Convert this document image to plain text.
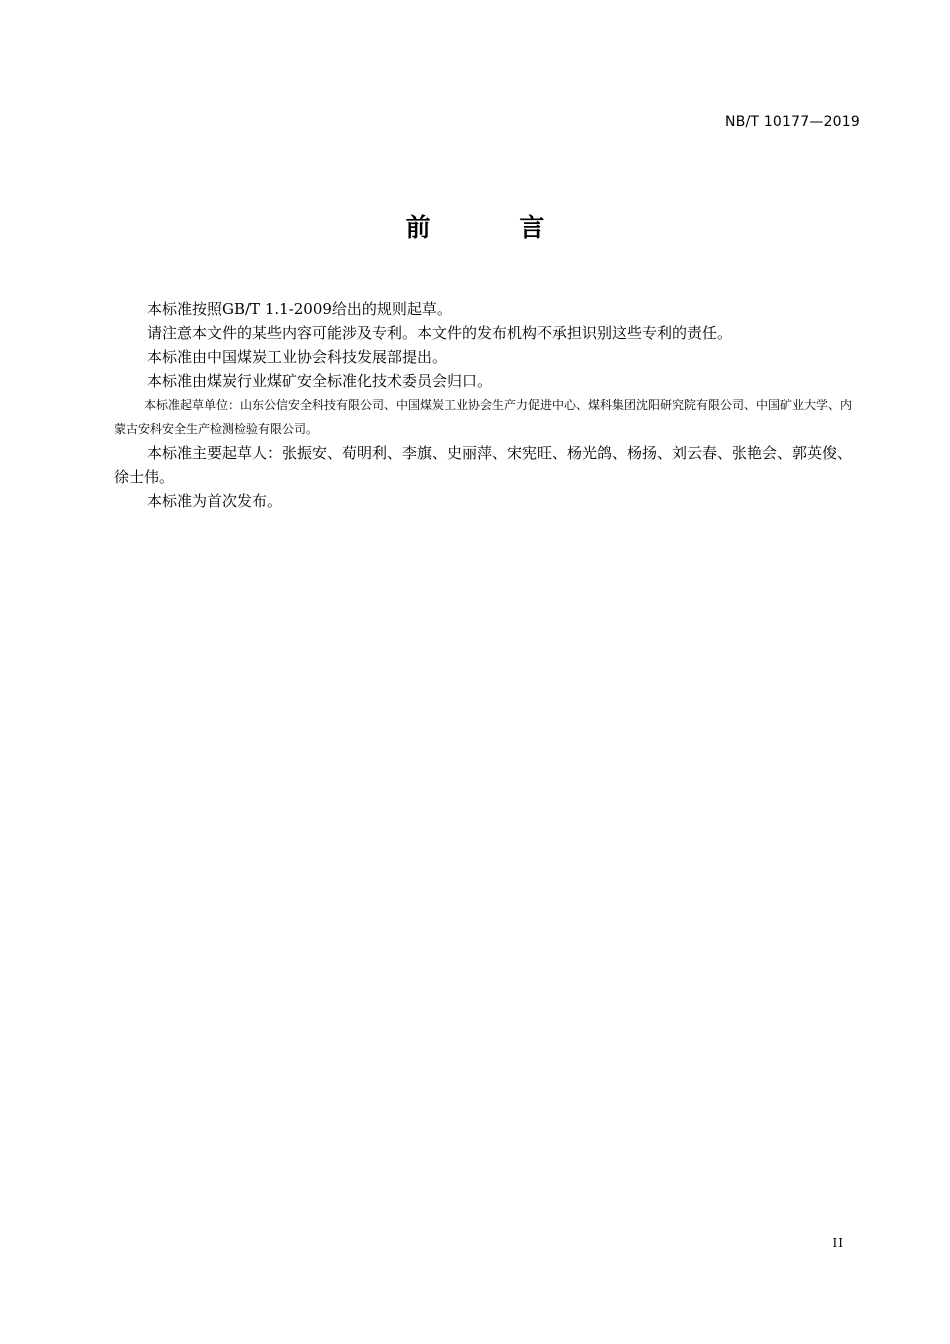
NB/T 10177—2019
前 言

本标准按照GB/T 1.1-2009给出的规则起草。

请注意本文件的某些内容可能涉及专利。本文件的发布机构不承担识别这些专利的责任。

本标准由中国煤炭工业协会科技发展部提出。

本标准由煤炭行业煤矿安全标准化技术委员会归口。

本标准起草单位：山东公信安全科技有限公司、中国煤炭工业协会生产力促进中心、煤科集团沈阳研究院有限公司、中国矿业大学、内蒙古安科安全生产检测检验有限公司。

本标准主要起草人：张振安、荀明利、李旗、史丽萍、宋宪旺、杨光鸽、杨扬、刘云春、张艳会、郭英俊、徐士伟。

本标准为首次发布。

II
